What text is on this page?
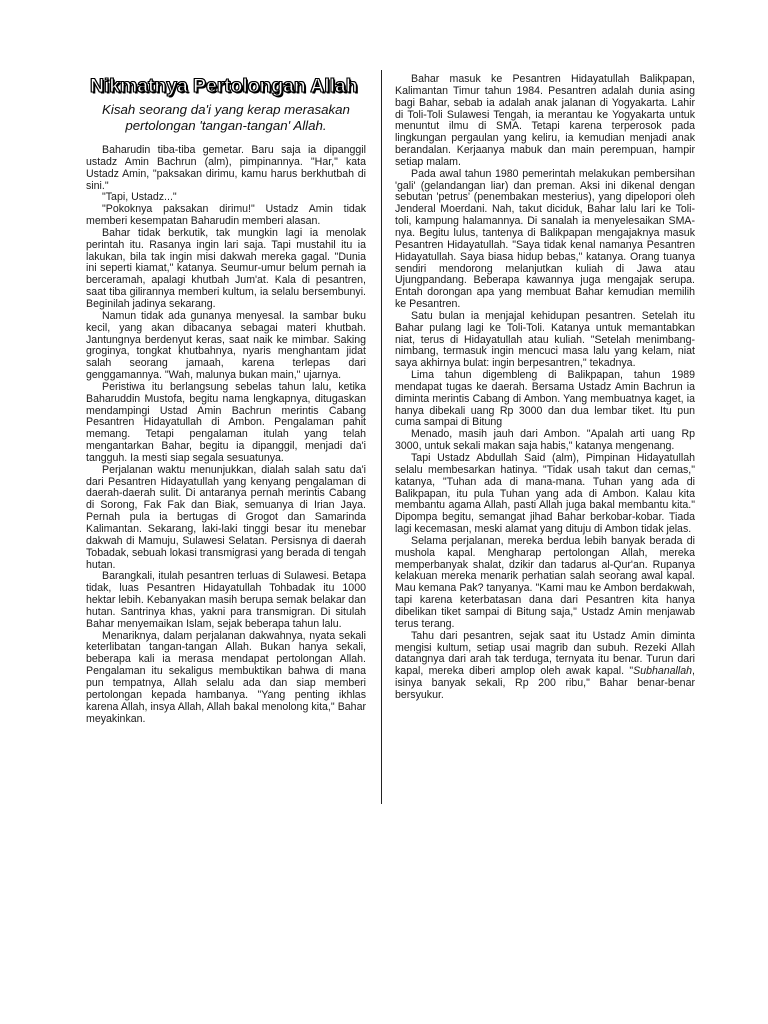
Nikmatnya Pertolongan Allah
Kisah seorang da'i yang kerap merasakan pertolongan 'tangan-tangan' Allah.

Baharudin tiba-tiba gemetar. Baru saja ia dipanggil ustadz Amin Bachrun (alm), pimpinannya. "Har," kata Ustadz Amin, "paksakan dirimu, kamu harus berkhutbah di sini."

"Tapi, Ustadz..."

"Pokoknya paksakan dirimu!" Ustadz Amin tidak memberi kesempatan Baharudin memberi alasan.

Bahar tidak berkutik, tak mungkin lagi ia menolak perintah itu. Rasanya ingin lari saja. Tapi mustahil itu ia lakukan, bila tak ingin misi dakwah mereka gagal. "Dunia ini seperti kiamat," katanya. Seumur-umur belum pernah ia berceramah, apalagi khutbah Jum'at. Kala di pesantren, saat tiba gilirannya memberi kultum, ia selalu bersembunyi. Beginilah jadinya sekarang.

Namun tidak ada gunanya menyesal. Ia sambar buku kecil, yang akan dibacanya sebagai materi khutbah. Jantungnya berdenyut keras, saat naik ke mimbar. Saking groginya, tongkat khutbahnya, nyaris menghantam jidat salah seorang jamaah, karena terlepas dari genggamannya. "Wah, malunya bukan main," ujarnya.

Peristiwa itu berlangsung sebelas tahun lalu, ketika Baharuddin Mustofa, begitu nama lengkapnya, ditugaskan mendampingi Ustad Amin Bachrun merintis Cabang Pesantren Hidayatullah di Ambon. Pengalaman pahit memang. Tetapi pengalaman itulah yang telah mengantarkan Bahar, begitu ia dipanggil, menjadi da'i tangguh. Ia mesti siap segala sesuatunya.

Perjalanan waktu menunjukkan, dialah salah satu da'i dari Pesantren Hidayatullah yang kenyang pengalaman di daerah-daerah sulit. Di antaranya pernah merintis Cabang di Sorong, Fak Fak dan Biak, semuanya di Irian Jaya. Pernah pula ia bertugas di Grogot dan Samarinda Kalimantan. Sekarang, laki-laki tinggi besar itu menebar dakwah di Mamuju, Sulawesi Selatan. Persisnya di daerah Tobadak, sebuah lokasi transmigrasi yang berada di tengah hutan.

Barangkali, itulah pesantren terluas di Sulawesi. Betapa tidak, luas Pesantren Hidayatullah Tohbadak itu 1000 hektar lebih. Kebanyakan masih berupa semak belakar dan hutan. Santrinya khas, yakni para transmigran. Di situlah Bahar menyemaikan Islam, sejak beberapa tahun lalu.

Menariknya, dalam perjalanan dakwahnya, nyata sekali keterlibatan tangan-tangan Allah. Bukan hanya sekali, beberapa kali ia merasa mendapat pertolongan Allah. Pengalaman itu sekaligus membuktikan bahwa di mana pun tempatnya, Allah selalu ada dan siap memberi pertolongan kepada hambanya. "Yang penting ikhlas karena Allah, insya Allah, Allah bakal menolong kita," Bahar meyakinkan.

Bahar masuk ke Pesantren Hidayatullah Balikpapan, Kalimantan Timur tahun 1984. Pesantren adalah dunia asing bagi Bahar, sebab ia adalah anak jalanan di Yogyakarta. Lahir di Toli-Toli Sulawesi Tengah, ia merantau ke Yogyakarta untuk menuntut ilmu di SMA. Tetapi karena terperosok pada lingkungan pergaulan yang keliru, ia kemudian menjadi anak berandalan. Kerjaanya mabuk dan main perempuan, hampir setiap malam.

Pada awal tahun 1980 pemerintah melakukan pembersihan 'gali' (gelandangan liar) dan preman. Aksi ini dikenal dengan sebutan 'petrus' (penembakan mesterius), yang dipelopori oleh Jenderal Moerdani. Nah, takut diciduk, Bahar lalu lari ke Toli-toli, kampung halamannya. Di sanalah ia menyelesaikan SMA-nya. Begitu lulus, tantenya di Balikpapan mengajaknya masuk Pesantren Hidayatullah. "Saya tidak kenal namanya Pesantren Hidayatullah. Saya biasa hidup bebas," katanya. Orang tuanya sendiri mendorong melanjutkan kuliah di Jawa atau Ujungpandang. Beberapa kawannya juga mengajak serupa. Entah dorongan apa yang membuat Bahar kemudian memilih ke Pesantren.

Satu bulan ia menjajal kehidupan pesantren. Setelah itu Bahar pulang lagi ke Toli-Toli. Katanya untuk memantabkan niat, terus di Hidayatullah atau kuliah. "Setelah menimbang-nimbang, termasuk ingin mencuci masa lalu yang kelam, niat saya akhirnya bulat: ingin berpesantren," tekadnya.

Lima tahun digembleng di Balikpapan, tahun 1989 mendapat tugas ke daerah. Bersama Ustadz Amin Bachrun ia diminta merintis Cabang di Ambon. Yang membuatnya kaget, ia hanya dibekali uang Rp 3000 dan dua lembar tiket. Itu pun cuma sampai di Bitung

Menado, masih jauh dari Ambon. "Apalah arti uang Rp 3000, untuk sekali makan saja habis," katanya mengenang.

Tapi Ustadz Abdullah Said (alm), Pimpinan Hidayatullah selalu membesarkan hatinya. "Tidak usah takut dan cemas," katanya, "Tuhan ada di mana-mana. Tuhan yang ada di Balikpapan, itu pula Tuhan yang ada di Ambon. Kalau kita membantu agama Allah, pasti Allah juga bakal membantu kita." Dipompa begitu, semangat jihad Bahar berkobar-kobar. Tiada lagi kecemasan, meski alamat yang dituju di Ambon tidak jelas.

Selama perjalanan, mereka berdua lebih banyak berada di mushola kapal. Mengharap pertolongan Allah, mereka memperbanyak shalat, dzikir dan tadarus al-Qur'an. Rupanya kelakuan mereka menarik perhatian salah seorang awal kapal. Mau kemana Pak? tanyanya. "Kami mau ke Ambon berdakwah, tapi karena keterbatasan dana dari Pesantren kita hanya dibelikan tiket sampai di Bitung saja," Ustadz Amin menjawab terus terang.

Tahu dari pesantren, sejak saat itu Ustadz Amin diminta mengisi kultum, setiap usai magrib dan subuh. Rezeki Allah datangnya dari arah tak terduga, ternyata itu benar. Turun dari kapal, mereka diberi amplop oleh awak kapal. "Subhanallah, isinya banyak sekali, Rp 200 ribu," Bahar benar-benar bersyukur.
